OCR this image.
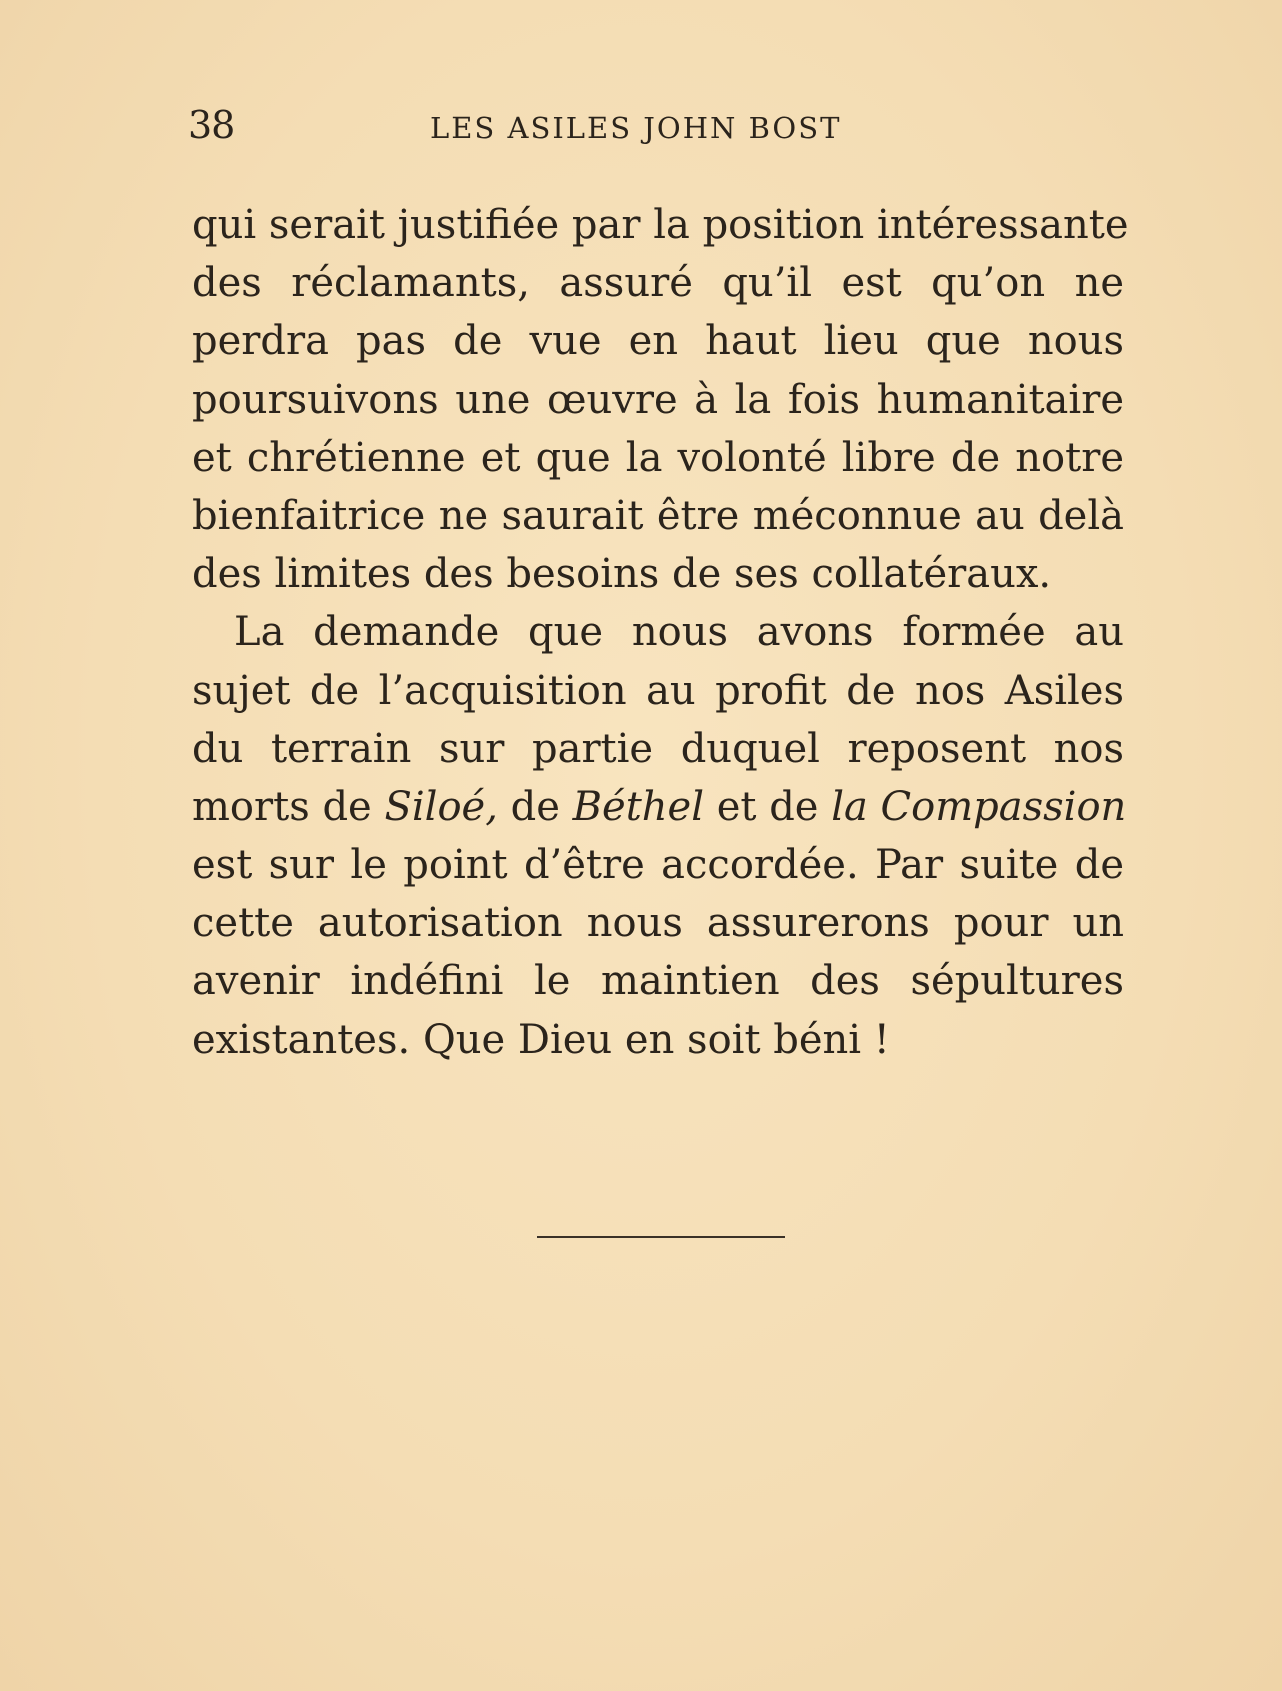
38	LES ASILES JOHN BOST
qui serait justifiée par la position intéressante
des réclamants, assuré qu’il est qu’on ne
perdra pas de vue en haut lieu que nous
poursuivons une œuvre à la fois humanitaire
et chrétienne et que la volonté libre de notre
bienfaitrice ne saurait être méconnue au delà
des limites des besoins de ses collatéraux.
La demande que nous avons formée au
sujet de l’acquisition au profit de nos Asiles
du terrain sur partie duquel reposent nos
morts de Siloé, de Béthel et de la Compassion
est sur le point d’être accordée. Par suite de
cette autorisation nous assurerons pour un
avenir indéfini le maintien des sépultures
existantes. Que Dieu en soit béni !
